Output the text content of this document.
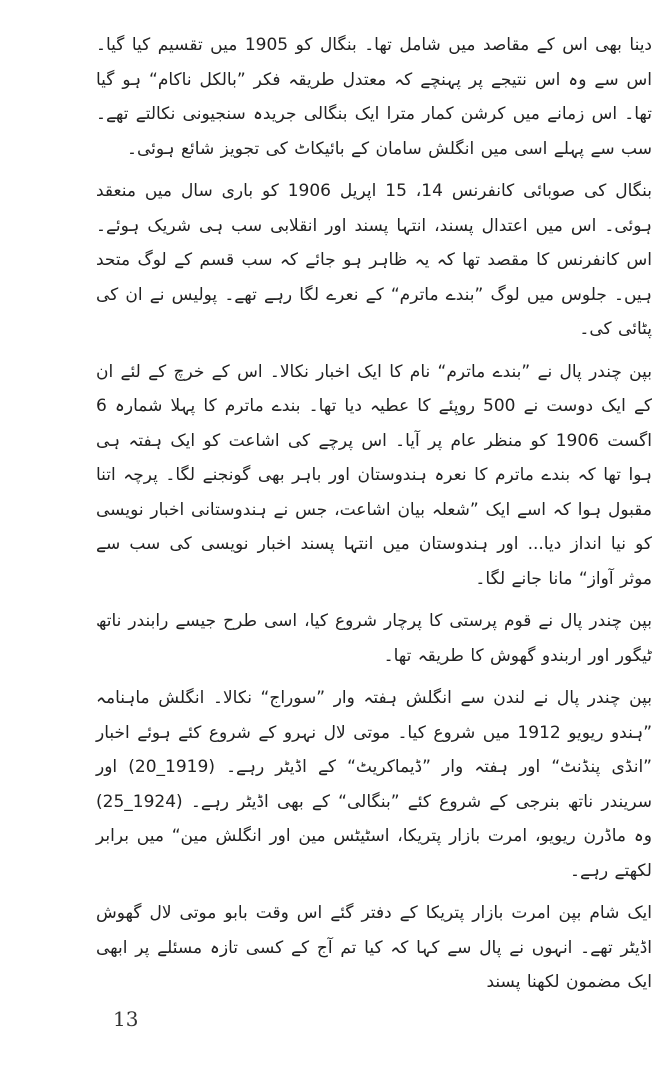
دینا بھی اس کے مقاصد میں شامل تھا۔ بنگال کو 1905 میں تقسیم کیا گیا۔ اس سے وہ اس نتیجے پر پہنچے کہ معتدل طریقہ فکر ”بالکل ناکام“ ہو گیا تھا۔ اس زمانے میں کرشن کمار مترا ایک بنگالی جریدہ سنجیونی نکالتے تھے۔ سب سے پہلے اسی میں انگلش سامان کے بائیکاٹ کی تجویز شائع ہوئی۔

بنگال کی صوبائی کانفرنس 14، 15 اپریل 1906 کو باری سال میں منعقد ہوئی۔ اس میں اعتدال پسند، انتہا پسند اور انقلابی سب ہی شریک ہوئے۔ اس کانفرنس کا مقصد تھا کہ یہ ظاہر ہو جائے کہ سب قسم کے لوگ متحد ہیں۔ جلوس میں لوگ ”بندے ماترم“ کے نعرے لگا رہے تھے۔ پولیس نے ان کی پٹائی کی۔

بپن چندر پال نے ”بندے ماترم“ نام کا ایک اخبار نکالا۔ اس کے خرچ کے لئے ان کے ایک دوست نے 500 روپئے کا عطیہ دیا تھا۔ بندے ماترم کا پہلا شمارہ 6 اگست 1906 کو منظر عام پر آیا۔ اس پرچے کی اشاعت کو ایک ہفتہ ہی ہوا تھا کہ بندے ماترم کا نعرہ ہندوستان اور باہر بھی گونجنے لگا۔ پرچہ اتنا مقبول ہوا کہ اسے ایک ”شعلہ بیان اشاعت، جس نے ہندوستانی اخبار نویسی کو نیا انداز دیا... اور ہندوستان میں انتہا پسند اخبار نویسی کی سب سے موثر آواز“ مانا جانے لگا۔

بپن چندر پال نے قوم پرستی کا پرچار شروع کیا، اسی طرح جیسے رابندر ناتھ ٹیگور اور اربندو گھوش کا طریقہ تھا۔

بپن چندر پال نے لندن سے انگلش ہفتہ وار ”سوراج“ نکالا۔ انگلش ماہنامہ ”ہندو ریویو 1912 میں شروع کیا۔ موتی لال نہرو کے شروع کئے ہوئے اخبار ”انڈی پنڈنٹ“ اور ہفتہ وار ”ڈیماکریٹ“ کے اڈیٹر رہے۔ (1919_20) اور سریندر ناتھ بنرجی کے شروع کئے ”بنگالی“ کے بھی اڈیٹر رہے۔ (1924_25) وہ ماڈرن ریویو، امرت بازار پتریکا، اسٹیٹس مین اور انگلش مین“ میں برابر لکھتے رہے۔

ایک شام بپن امرت بازار پتریکا کے دفتر گئے اس وقت بابو موتی لال گھوش اڈیٹر تھے۔ انہوں نے پال سے کہا کہ کیا تم آج کے کسی تازہ مسئلے پر ابھی ایک مضمون لکھنا پسند

13
